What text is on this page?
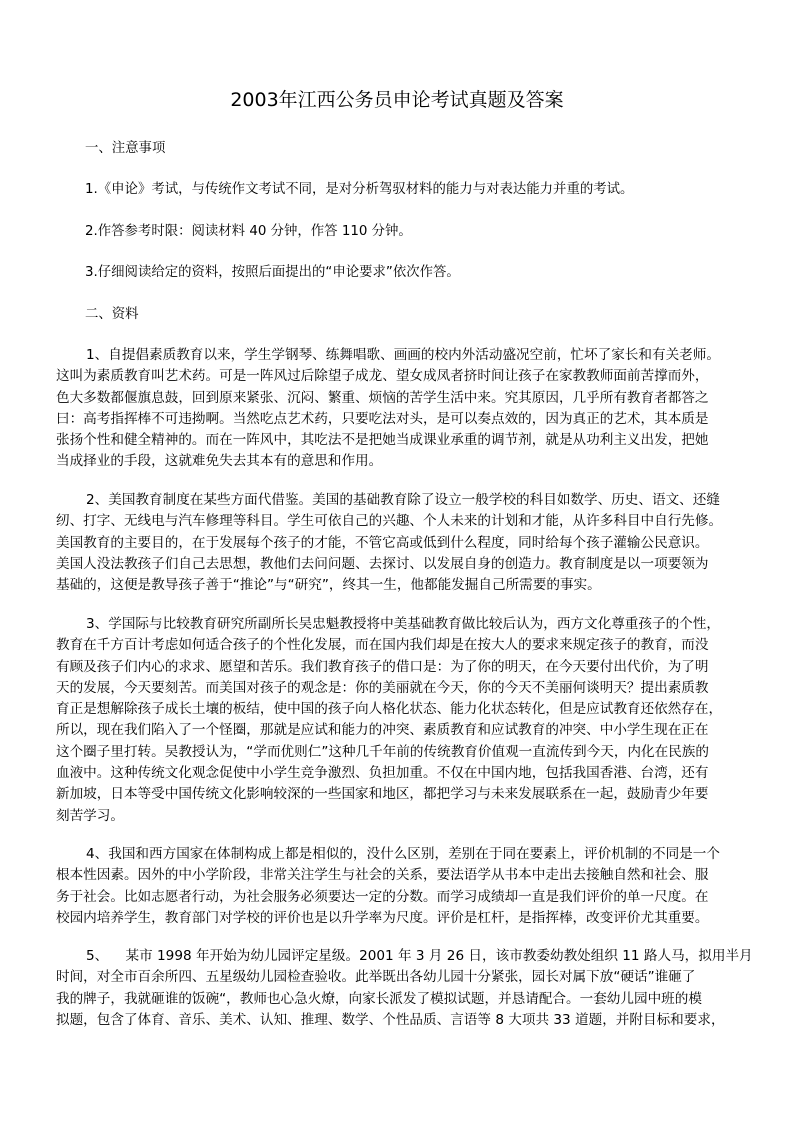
2003年江西公务员申论考试真题及答案
一、注意事项
1.《申论》考试，与传统作文考试不同，是对分析驾驭材料的能力与对表达能力并重的考试。
2.作答参考时限：阅读材料 40 分钟，作答 110 分钟。
3.仔细阅读给定的资料，按照后面提出的“申论要求”依次作答。
二、资料
1、自提倡素质教育以来，学生学钢琴、练舞唱歌、画画的校内外活动盛况空前，忙坏了家长和有关老师。
这叫为素质教育叫艺术药。可是一阵风过后除望子成龙、望女成凤者挤时间让孩子在家教教师面前苦撑而外，
色大多数都偃旗息鼓，回到原来紧张、沉闷、繁重、烦恼的苦学生活中来。究其原因，几乎所有教育者都答之
曰：高考指挥棒不可违拗啊。当然吃点艺术药，只要吃法对头，是可以奏点效的，因为真正的艺术，其本质是
张扬个性和健全精神的。而在一阵风中，其吃法不是把她当成课业承重的调节剂，就是从功利主义出发，把她
当成择业的手段，这就难免失去其本有的意思和作用。
2、美国教育制度在某些方面代借鉴。美国的基础教育除了设立一般学校的科目如数学、历史、语文、还缝
纫、打字、无线电与汽车修理等科目。学生可依自己的兴趣、个人未来的计划和才能，从许多科目中自行先修。
美国教育的主要目的，在于发展每个孩子的才能，不管它高或低到什么程度，同时给每个孩子灌输公民意识。
美国人没法教孩子们自己去思想，教他们去问问题、去探讨、以发展自身的创造力。教育制度是以一项要领为
基础的，这便是教导孩子善于“推论”与“研究”，终其一生，他都能发掘自己所需要的事实。
3、学国际与比较教育研究所副所长吴忠魁教授将中美基础教育做比较后认为，西方文化尊重孩子的个性，
教育在千方百计考虑如何适合孩子的个性化发展，而在国内我们却是在按大人的要求来规定孩子的教育，而没
有顾及孩子们内心的求求、愿望和苦乐。我们教育孩子的借口是：为了你的明天，在今天要付出代价，为了明
天的发展，今天要刻苦。而美国对孩子的观念是：你的美丽就在今天，你的今天不美丽何谈明天？提出素质教
育正是想解除孩子成长土壤的板结，使中国的孩子向人格化状态、能力化状态转化，但是应试教育还依然存在，
所以，现在我们陷入了一个怪圈，那就是应试和能力的冲突、素质教育和应试教育的冲突、中小学生现在正在
这个圈子里打转。吴教授认为，“学而优则仁”这种几千年前的传统教育价值观一直流传到今天，内化在民族的
血液中。这种传统文化观念促使中小学生竞争激烈、负担加重。不仅在中国内地，包括我国香港、台湾，还有
新加坡，日本等受中国传统文化影响较深的一些国家和地区，都把学习与未来发展联系在一起，鼓励青少年要
刻苦学习。
4、我国和西方国家在体制构成上都是相似的，没什么区别，差别在于同在要素上，评价机制的不同是一个
根本性因素。因外的中小学阶段，非常关注学生与社会的关系，要法语学从书本中走出去接触自然和社会、服
务于社会。比如志愿者行动，为社会服务必须要达一定的分数。而学习成绩却一直是我们评价的单一尺度。在
校园内培养学生，教育部门对学校的评价也是以升学率为尺度。评价是杠杆，是指挥棒，改变评价尤其重要。
5、    某市 1998 年开始为幼儿园评定星级。2001 年 3 月 26 日，该市教委幼教处组织 11 路人马，拟用半月
时间，对全市百余所四、五星级幼儿园检查验收。此举既出各幼儿园十分紧张，园长对属下放“硬话”谁砸了
我的牌子，我就砸谁的饭碗“，教师也心急火燎，向家长派发了模拟试题，并恳请配合。一套幼儿园中班的模
拟题，包含了体育、音乐、美术、认知、推理、数学、个性品质、言语等 8 大项共 33 道题，并附目标和要求，
